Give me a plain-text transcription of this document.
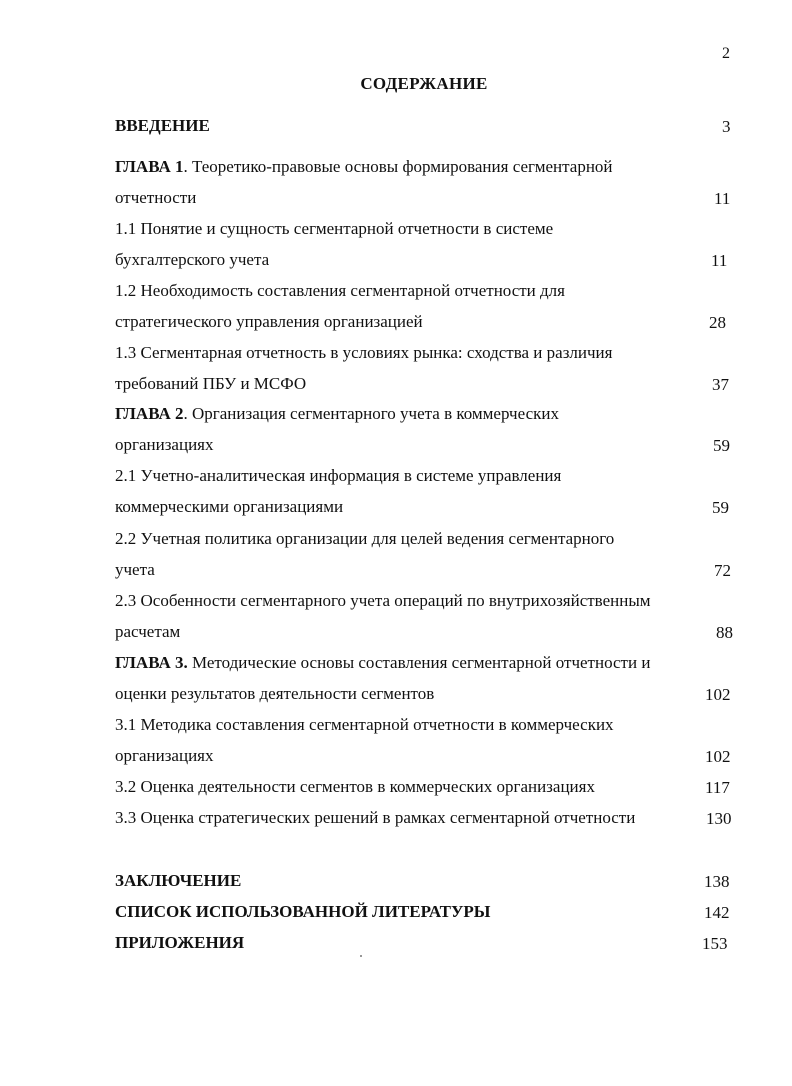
2
СОДЕРЖАНИЕ
ВВЕДЕНИЕ	3
ГЛАВА 1. Теоретико-правовые основы формирования сегментарной
отчетности	11
1.1 Понятие и сущность сегментарной отчетности в системе
бухгалтерского учета	11
1.2 Необходимость составления сегментарной отчетности для
стратегического управления организацией	28
1.3 Сегментарная отчетность в условиях рынка: сходства и различия
требований ПБУ и МСФО	37
ГЛАВА 2. Организация сегментарного учета в коммерческих
организациях	59
2.1 Учетно-аналитическая информация в системе управления
коммерческими организациями	59
2.2 Учетная политика организации для целей ведения сегментарного
учета	72
2.3 Особенности сегментарного учета операций по внутрихозяйственным
расчетам	88
ГЛАВА 3. Методические основы составления сегментарной отчетности и
оценки результатов деятельности сегментов	102
3.1 Методика составления сегментарной отчетности в коммерческих
организациях	102
3.2 Оценка деятельности сегментов в коммерческих организациях	117
3.3 Оценка стратегических решений в рамках сегментарной отчетности	130
ЗАКЛЮЧЕНИЕ	138
СПИСОК ИСПОЛЬЗОВАННОЙ ЛИТЕРАТУРЫ	142
ПРИЛОЖЕНИЯ	153
